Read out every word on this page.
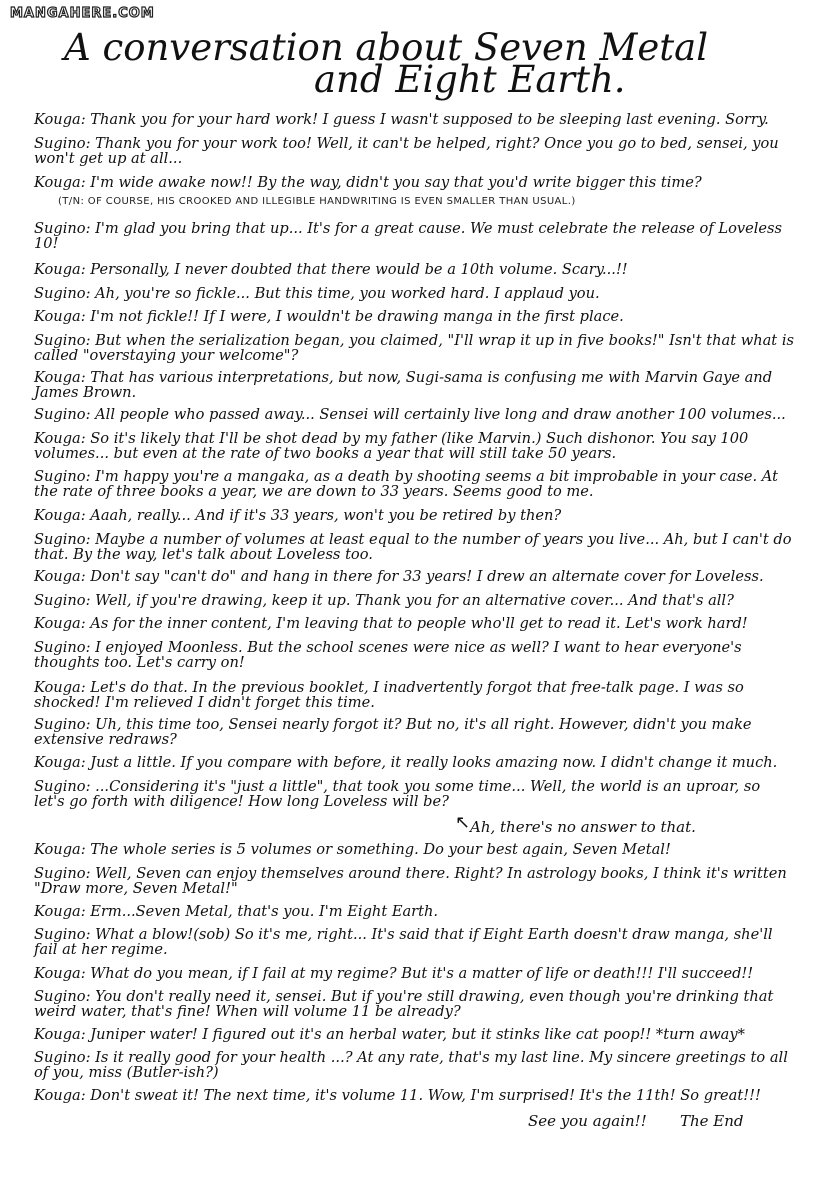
MANGAHERE.COM
A conversation about Seven Metal
and Eight Earth.
Kouga: Thank you for your hard work! I guess I wasn't supposed to be sleeping last evening. Sorry.
Sugino: Thank you for your work too! Well, it can't be helped, right? Once you go to bed, sensei, you won't get up at all...
Kouga: I'm wide awake now!! By the way, didn't you say that you'd write bigger this time?
Sugino: I'm glad you bring that up... It's for a great cause. We must celebrate the release of Loveless 10!
Kouga: Personally, I never doubted that there would be a 10th volume. Scary...!!
Sugino: Ah, you're so fickle... But this time, you worked hard. I applaud you.
Kouga: I'm not fickle!! If I were, I wouldn't be drawing manga in the first place.
Sugino: But when the serialization began, you claimed, "I'll wrap it up in five books!" Isn't that what is called "overstaying your welcome"?
Kouga: That has various interpretations, but now, Sugi-sama is confusing me with Marvin Gaye and James Brown.
Sugino: All people who passed away... Sensei will certainly live long and draw another 100 volumes...
Kouga: So it's likely that I'll be shot dead by my father (like Marvin.) Such dishonor. You say 100 volumes... but even at the rate of two books a year that will still take 50 years.
Sugino: I'm happy you're a mangaka, as a death by shooting seems a bit improbable in your case. At the rate of three books a year, we are down to 33 years. Seems good to me.
Kouga: Aaah, really... And if it's 33 years, won't you be retired by then?
Sugino: Maybe a number of volumes at least equal to the number of years you live... Ah, but I can't do that. By the way, let's talk about Loveless too.
Kouga: Don't say "can't do" and hang in there for 33 years! I drew an alternate cover for Loveless.
Sugino: Well, if you're drawing, keep it up. Thank you for an alternative cover... And that's all?
Kouga: As for the inner content, I'm leaving that to people who'll get to read it. Let's work hard!
Sugino: I enjoyed Moonless. But the school scenes were nice as well? I want to hear everyone's thoughts too. Let's carry on!
Kouga: Let's do that. In the previous booklet, I inadvertently forgot that free-talk page. I was so shocked! I'm relieved I didn't forget this time.
Sugino: Uh, this time too, Sensei nearly forgot it? But no, it's all right. However, didn't you make extensive redraws?
Kouga: Just a little. If you compare with before, it really looks amazing now. I didn't change it much.
Sugino: ...Considering it's "just a little", that took you some time... Well, the world is an uproar, so let's go forth with diligence! How long Loveless will be?
Kouga: The whole series is 5 volumes or something. Do your best again, Seven Metal!
Sugino: Well, Seven can enjoy themselves around there. Right? In astrology books, I think it's written "Draw more, Seven Metal!"
Kouga: Erm...Seven Metal, that's you. I'm Eight Earth.
Sugino: What a blow!(sob) So it's me, right... It's said that if Eight Earth doesn't draw manga, she'll fail at her regime.
Kouga: What do you mean, if I fail at my regime? But it's a matter of life or death!!! I'll succeed!!
Sugino: You don't really need it, sensei. But if you're still drawing, even though you're drinking that weird water, that's fine! When will volume 11 be already?
Kouga: Juniper water! I figured out it's an herbal water, but it stinks like cat poop!! *turn away*
Sugino: Is it really good for your health ...? At any rate, that's my last line. My sincere greetings to all of you, miss (Butler-ish?)
Kouga: Don't sweat it! The next time, it's volume 11. Wow, I'm surprised! It's the 11th! So great!!!
(T/N: OF COURSE, HIS CROOKED AND ILLEGIBLE HANDWRITING IS EVEN SMALLER THAN USUAL.)
↖ Ah, there's no answer to that.
See you again!! The End
